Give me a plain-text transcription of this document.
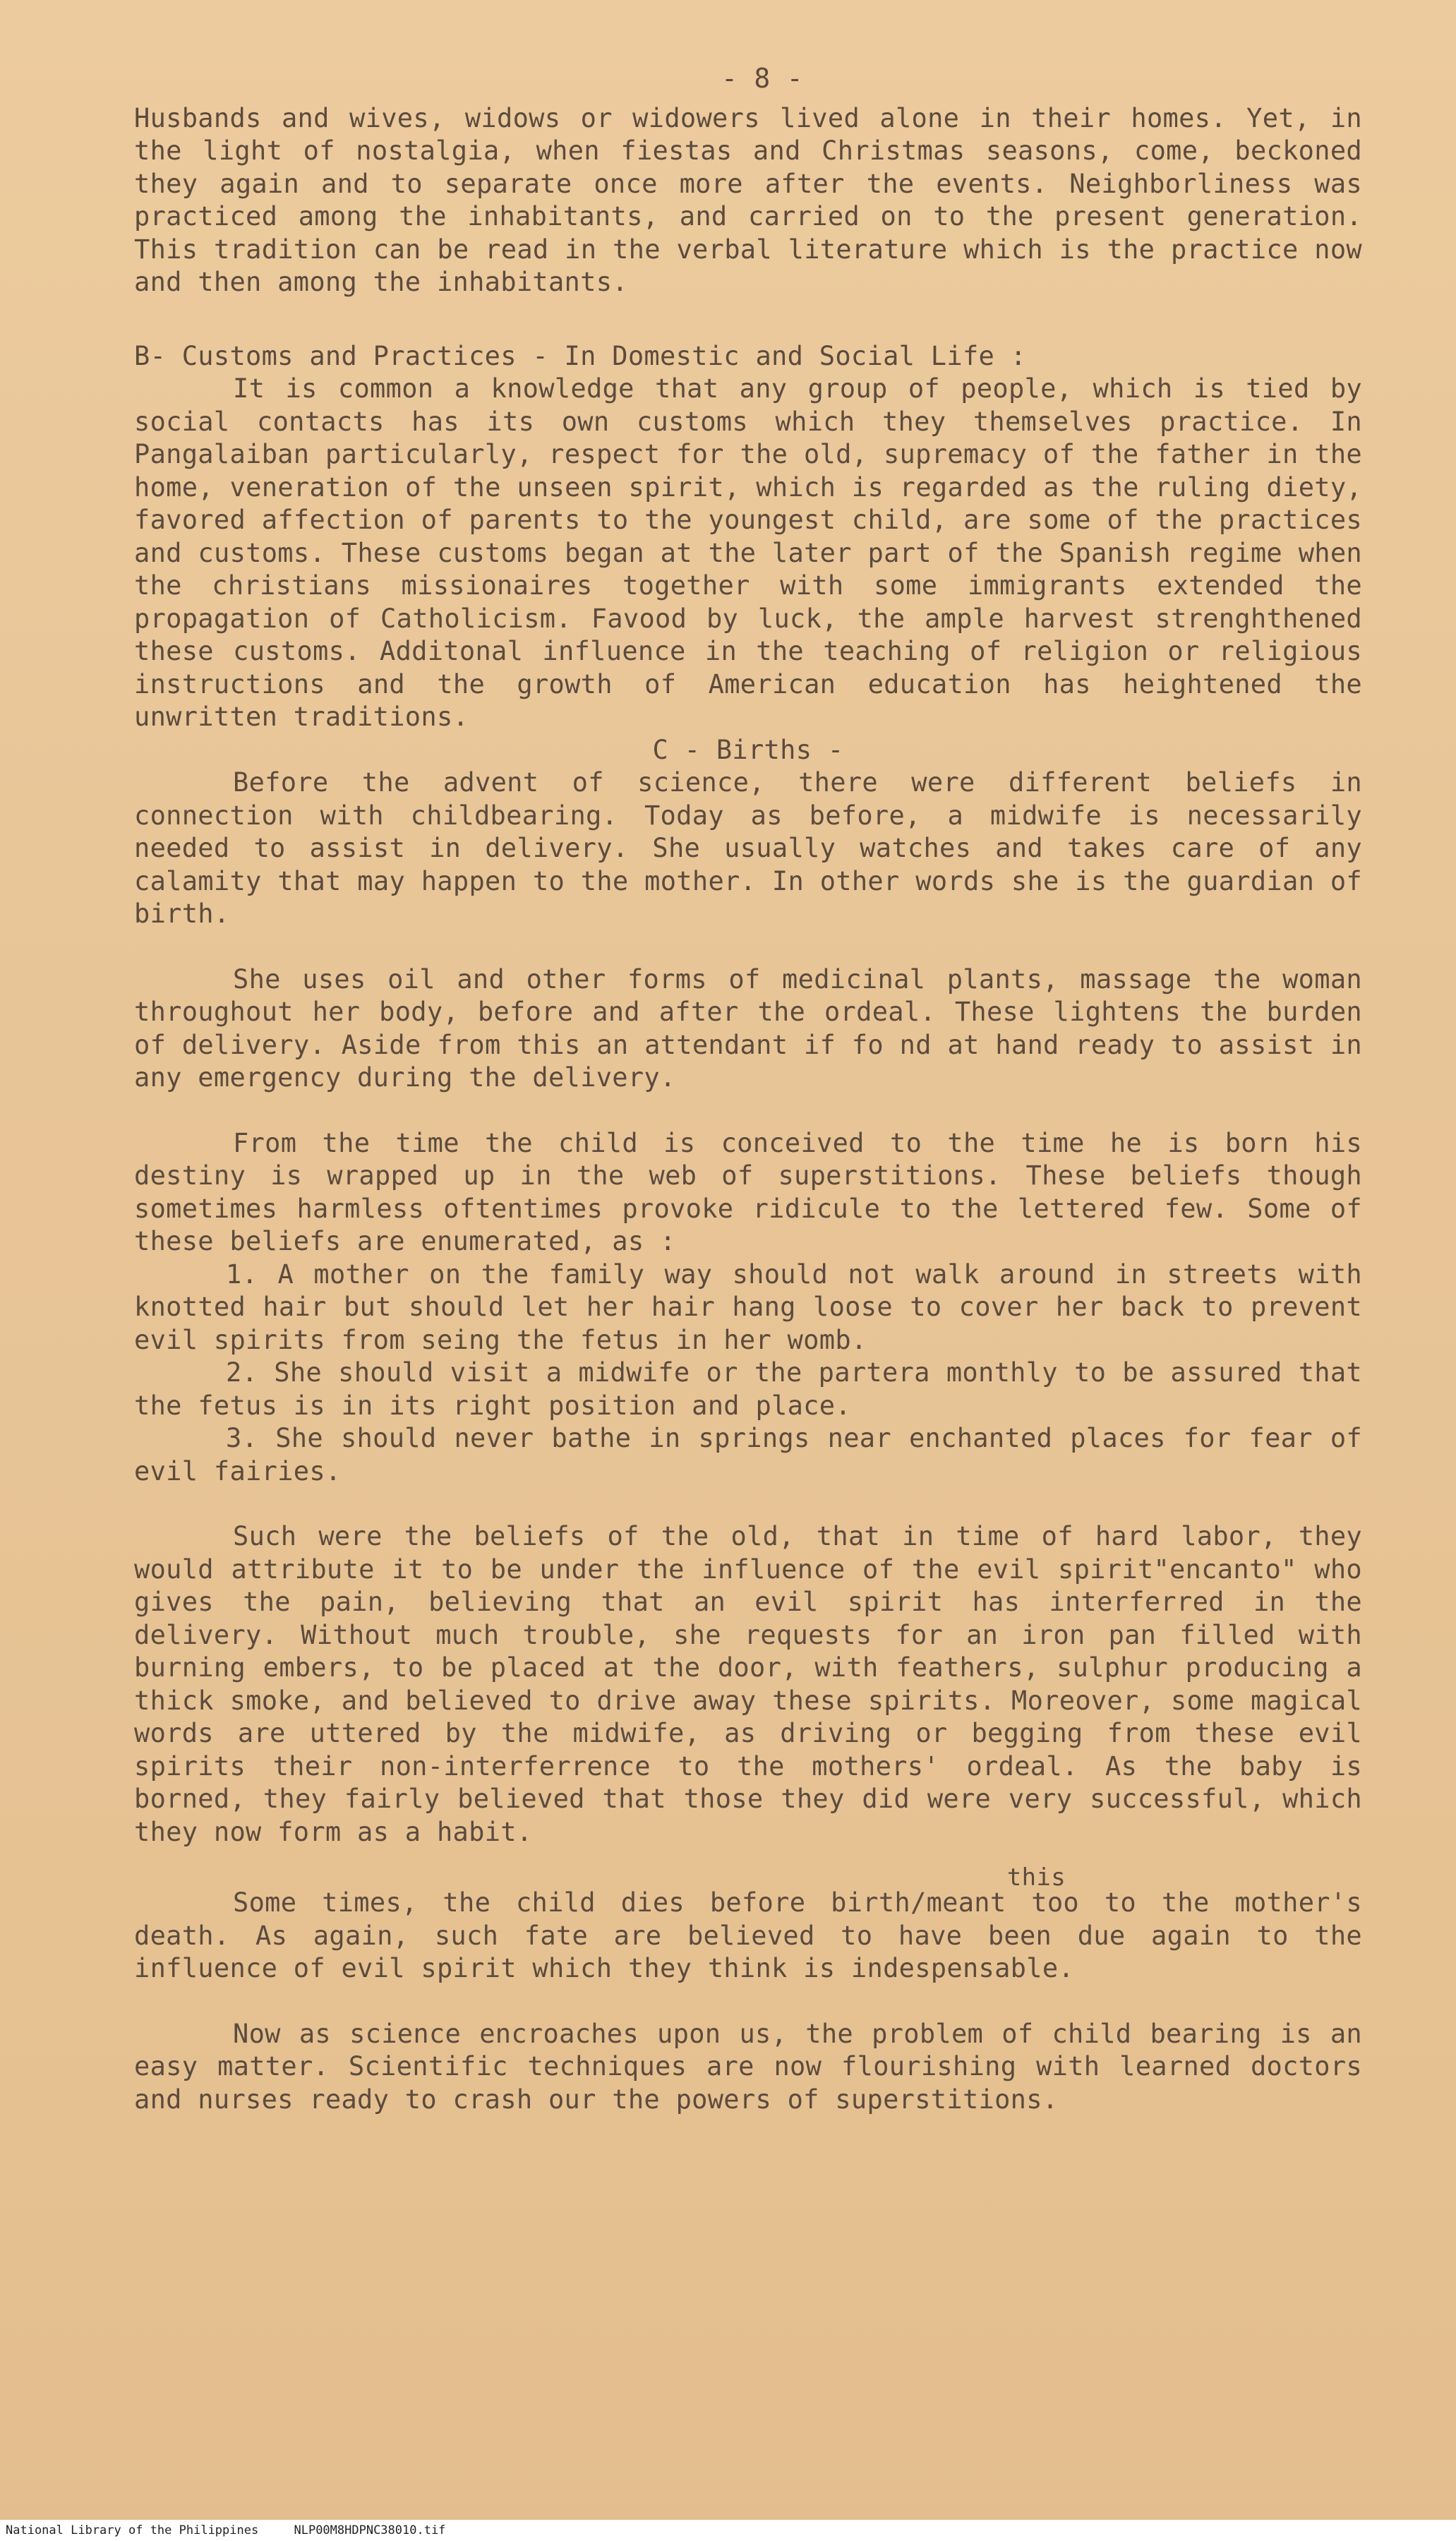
- 8 -

Husbands and wives, widows or widowers lived alone in their homes. Yet, in the light of nostalgia, when fiestas and Christmas seasons, come, beckoned they again and to separate once more after the events. Neighborliness was practiced among the inhabitants, and carried on to the present generation. This tradition can be read in the verbal literature which is the practice now and then among the inhabitants.

B- Customs and Practices - In Domestic and Social Life :

It is common a knowledge that any group of people, which is tied by social contacts has its own customs which they themselves practice. In Pangalaiban particularly, respect for the old, supremacy of the father in the home, veneration of the unseen spirit, which is regarded as the ruling diety, favored affection of parents to the youngest child, are some of the practices and customs. These customs began at the later part of the Spanish regime when the christians missionaires together with some immigrants extended the propagation of Catholicism. Favood by luck, the ample harvest strenghthened these customs. Additonal influence in the teaching of religion or religious instructions and the growth of American education has heightened the unwritten traditions.

C - Births -

Before the advent of science, there were different beliefs in connection with childbearing. Today as before, a midwife is necessarily needed to assist in delivery. She usually watches and takes care of any calamity that may happen to the mother. In other words she is the guardian of birth.

She uses oil and other forms of medicinal plants, massage the woman throughout her body, before and after the ordeal. These lightens the burden of delivery. Aside from this an attendant if fo nd at hand ready to assist in any emergency during the delivery.

From the time the child is conceived to the time he is born his destiny is wrapped up in the web of superstitions. These beliefs though sometimes harmless oftentimes provoke ridicule to the lettered few. Some of these beliefs are enumerated, as :

1. A mother on the family way should not walk around in streets with knotted hair but should let her hair hang loose to cover her back to prevent evil spirits from seing the fetus in her womb.

2. She should visit a midwife or the partera monthly to be assured that the fetus is in its right position and place.

3. She should never bathe in springs near enchanted places for fear of evil fairies.

Such were the beliefs of the old, that in time of hard labor, they would attribute it to be under the influence of the evil spirit"encanto" who gives the pain, believing that an evil spirit has interferred in the delivery. Without much trouble, she requests for an iron pan filled with burning embers, to be placed at the door, with feathers, sulphur producing a thick smoke, and believed to drive away these spirits. Moreover, some magical words are uttered by the midwife, as driving or begging from these evil spirits their non-interferrence to the mothers' ordeal. As the baby is borned, they fairly believed that those they did were very successful, which they now form as a habit.

this

Some times, the child dies before birth/meant too to the mother's death. As again, such fate are believed to have been due again to the influence of evil spirit which they think is indespensable.

Now as science encroaches upon us, the problem of child bearing is an easy matter. Scientific techniques are now flourishing with learned doctors and nurses ready to crash our the powers of superstitions.

National Library of the Philippines	NLP00M8HDPNC38010.tif
